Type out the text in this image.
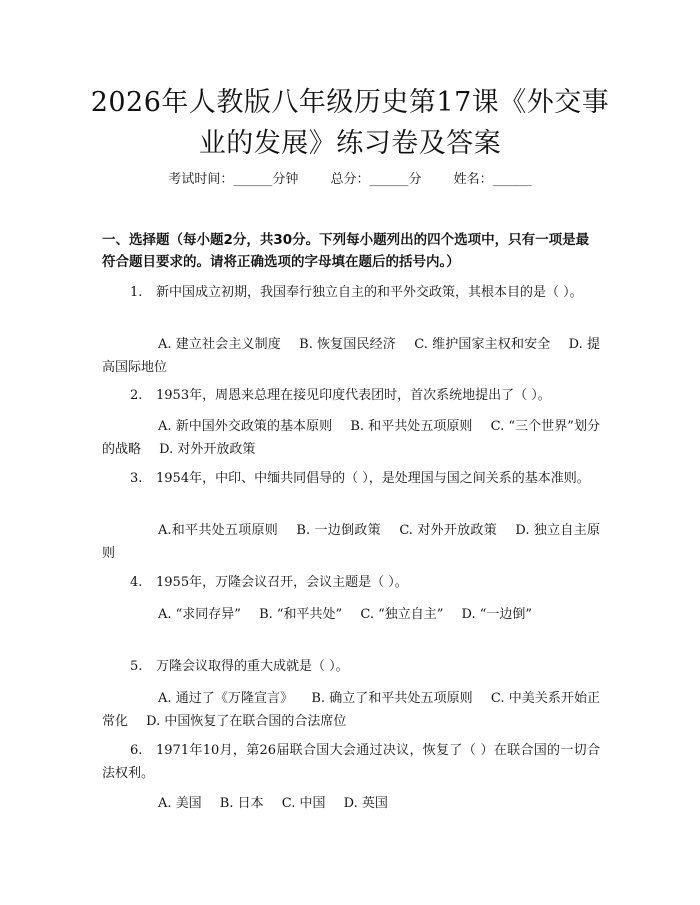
2026年人教版八年级历史第17课《外交事业的发展》练习卷及答案
考试时间：______分钟 总分：______分 姓名：______
一、选择题（每小题2分，共30分。下列每小题列出的四个选项中，只有一项是最符合题目要求的。请将正确选项的字母填在题后的括号内。）
1. 新中国成立初期，我国奉行独立自主的和平外交政策，其根本目的是（ ）。
A. 建立社会主义制度 B. 恢复国民经济 C. 维护国家主权和安全 D. 提高国际地位
2. 1953年，周恩来总理在接见印度代表团时，首次系统地提出了（ ）。
A. 新中国外交政策的基本原则 B. 和平共处五项原则 C. “三个世界”划分的战略 D. 对外开放政策
3. 1954年，中印、中缅共同倡导的（ ），是处理国与国之间关系的基本准则。
A.和平共处五项原则 B. 一边倒政策 C. 对外开放政策 D. 独立自主原则
4. 1955年，万隆会议召开，会议主题是（ ）。
A. “求同存异” B. “和平共处” C. “独立自主” D. “一边倒”
5. 万隆会议取得的重大成就是（ ）。
A. 通过了《万隆宣言》 B. 确立了和平共处五项原则 C. 中美关系开始正常化 D. 中国恢复了在联合国的合法席位
6. 1971年10月，第26届联合国大会通过决议，恢复了（ ）在联合国的一切合法权利。
A. 美国 B. 日本 C. 中国 D. 英国
